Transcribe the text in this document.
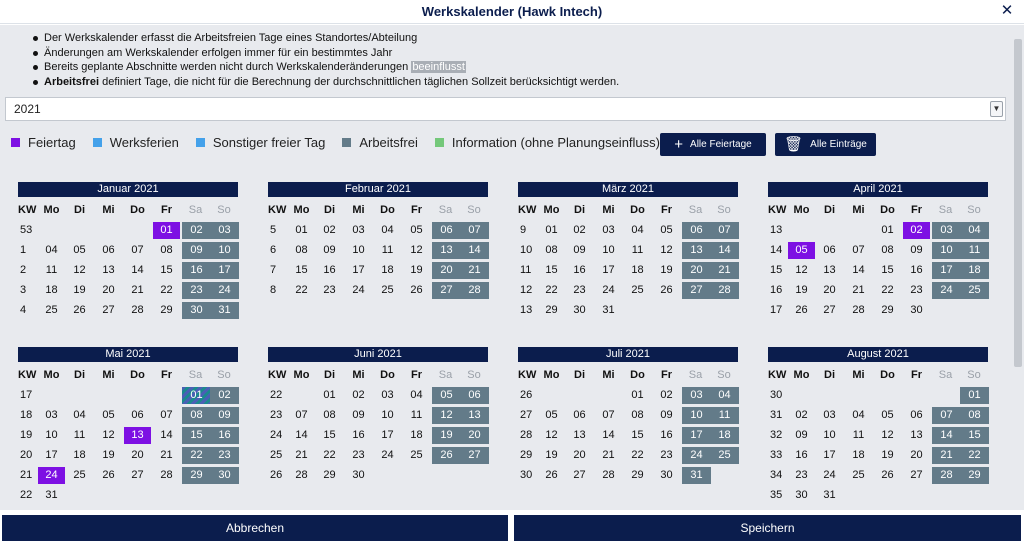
Werkskalender (Hawk Intech)	✕
Der Werkskalender erfasst die Arbeitsfreien Tage eines Standortes/Abteilung
Änderungen am Werkskalender erfolgen immer für ein bestimmtes Jahr
Bereits geplante Abschnitte werden nicht durch Werkskalenderänderungen beeinflusst
Arbeitsfrei definiert Tage, die nicht für die Berechnung der durchschnittlichen täglichen Sollzeit berücksichtigt werden.
2021	▼
Feiertag	Werksferien	Sonstiger freier Tag	Arbeitsfrei	Information (ohne Planungseinfluss) + Alle Feiertage 🗑 Alle Einträge
Januar 2021
KW	Mo	Di	Mi	Do	Fr	Sa	So
53					01	02	03

1	04	05	06	07	08	09	10

2	11	12	13	14	15	16	17

3	18	19	20	21	22	23	24

4	25	26	27	28	29	30	31
Februar 2021
KW	Mo	Di	Mi	Do	Fr	Sa	So
5	01	02	03	04	05	06	07

6	08	09	10	11	12	13	14

7	15	16	17	18	19	20	21

8	22	23	24	25	26	27	28
März 2021
KW	Mo	Di	Mi	Do	Fr	Sa	So
9	01	02	03	04	05	06	07

10	08	09	10	11	12	13	14

11	15	16	17	18	19	20	21

12	22	23	24	25	26	27	28

13	29	30	31				

April 2021
KW	Mo	Di	Mi	Do	Fr	Sa	So
13				01	02	03	04

14	05	06	07	08	09	10	11

15	12	13	14	15	16	17	18

16	19	20	21	22	23	24	25

17	26	27	28	29	30		

Mai 2021
KW	Mo	Di	Mi	Do	Fr	Sa	So
17						01	02

18	03	04	05	06	07	08	09

19	10	11	12	13	14	15	16

20	17	18	19	20	21	22	23

21	24	25	26	27	28	29	30

22	31						

Juni 2021
KW	Mo	Di	Mi	Do	Fr	Sa	So
22		01	02	03	04	05	06

23	07	08	09	10	11	12	13

24	14	15	16	17	18	19	20

25	21	22	23	24	25	26	27

26	28	29	30				

Juli 2021
KW	Mo	Di	Mi	Do	Fr	Sa	So
26				01	02	03	04

27	05	06	07	08	09	10	11

28	12	13	14	15	16	17	18

29	19	20	21	22	23	24	25

30	26	27	28	29	30	31	

August 2021
KW	Mo	Di	Mi	Do	Fr	Sa	So
30							01

31	02	03	04	05	06	07	08

32	09	10	11	12	13	14	15

33	16	17	18	19	20	21	22

34	23	24	25	26	27	28	29

35	30	31					

Abbrechen	Speichern
